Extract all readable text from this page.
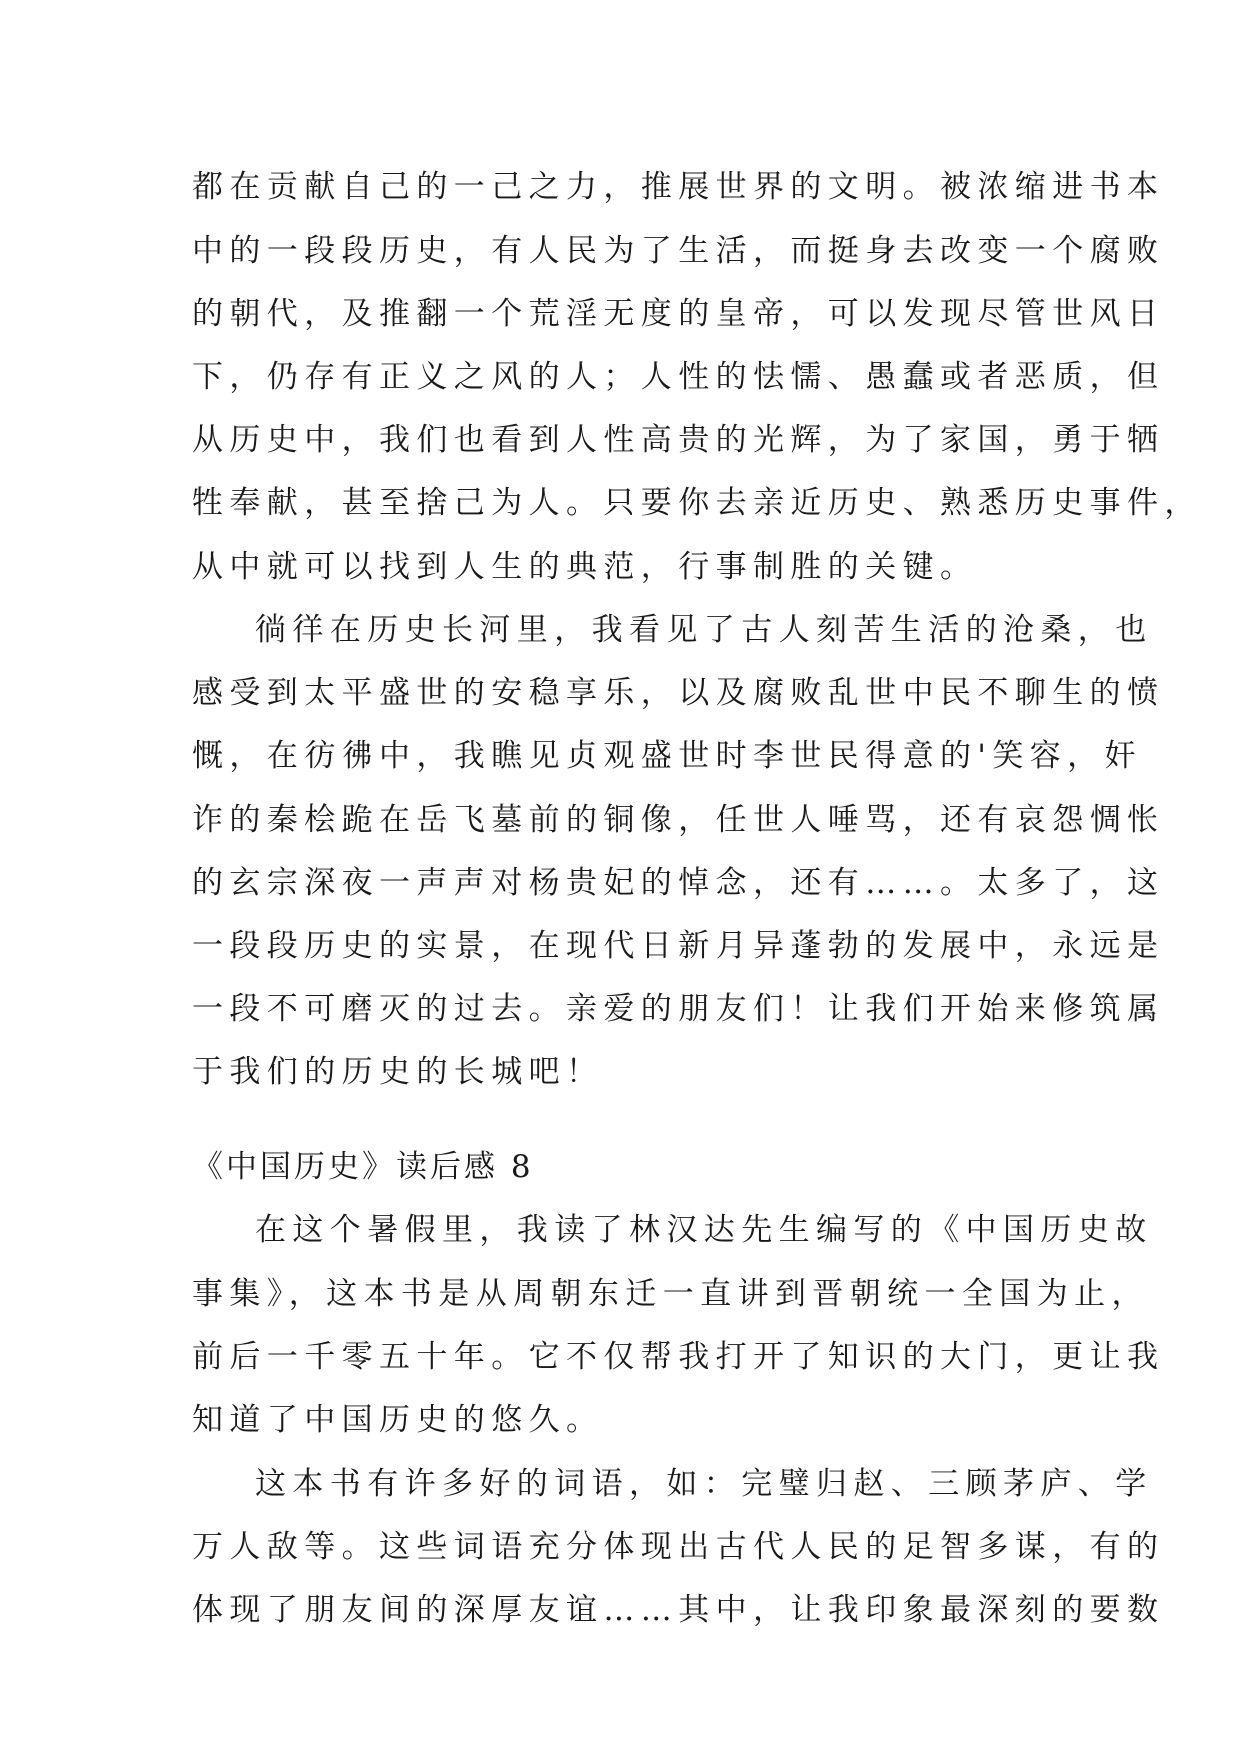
都在贡献自己的一己之力，推展世界的文明。被浓缩进书本
中的一段段历史，有人民为了生活，而挺身去改变一个腐败
的朝代，及推翻一个荒淫无度的皇帝，可以发现尽管世风日
下，仍存有正义之风的人；人性的怯懦、愚蠢或者恶质，但
从历史中，我们也看到人性高贵的光辉，为了家国，勇于牺
牲奉献，甚至捨己为人。只要你去亲近历史、熟悉历史事件，
从中就可以找到人生的典范，行事制胜的关键。
徜徉在历史长河里，我看见了古人刻苦生活的沧桑，也
感受到太平盛世的安稳享乐，以及腐败乱世中民不聊生的愤
慨，在彷彿中，我瞧见贞观盛世时李世民得意的'笑容，奸
诈的秦桧跪在岳飞墓前的铜像，任世人唾骂，还有哀怨惆怅
的玄宗深夜一声声对杨贵妃的悼念，还有……。太多了，这
一段段历史的实景，在现代日新月异蓬勃的发展中，永远是
一段不可磨灭的过去。亲爱的朋友们！让我们开始来修筑属
于我们的历史的长城吧！
《中国历史》读后感 8
在这个暑假里，我读了林汉达先生编写的《中国历史故
事集》，这本书是从周朝东迁一直讲到晋朝统一全国为止，
前后一千零五十年。它不仅帮我打开了知识的大门，更让我
知道了中国历史的悠久。
这本书有许多好的词语，如：完璧归赵、三顾茅庐、学
万人敌等。这些词语充分体现出古代人民的足智多谋，有的
体现了朋友间的深厚友谊……其中，让我印象最深刻的要数
